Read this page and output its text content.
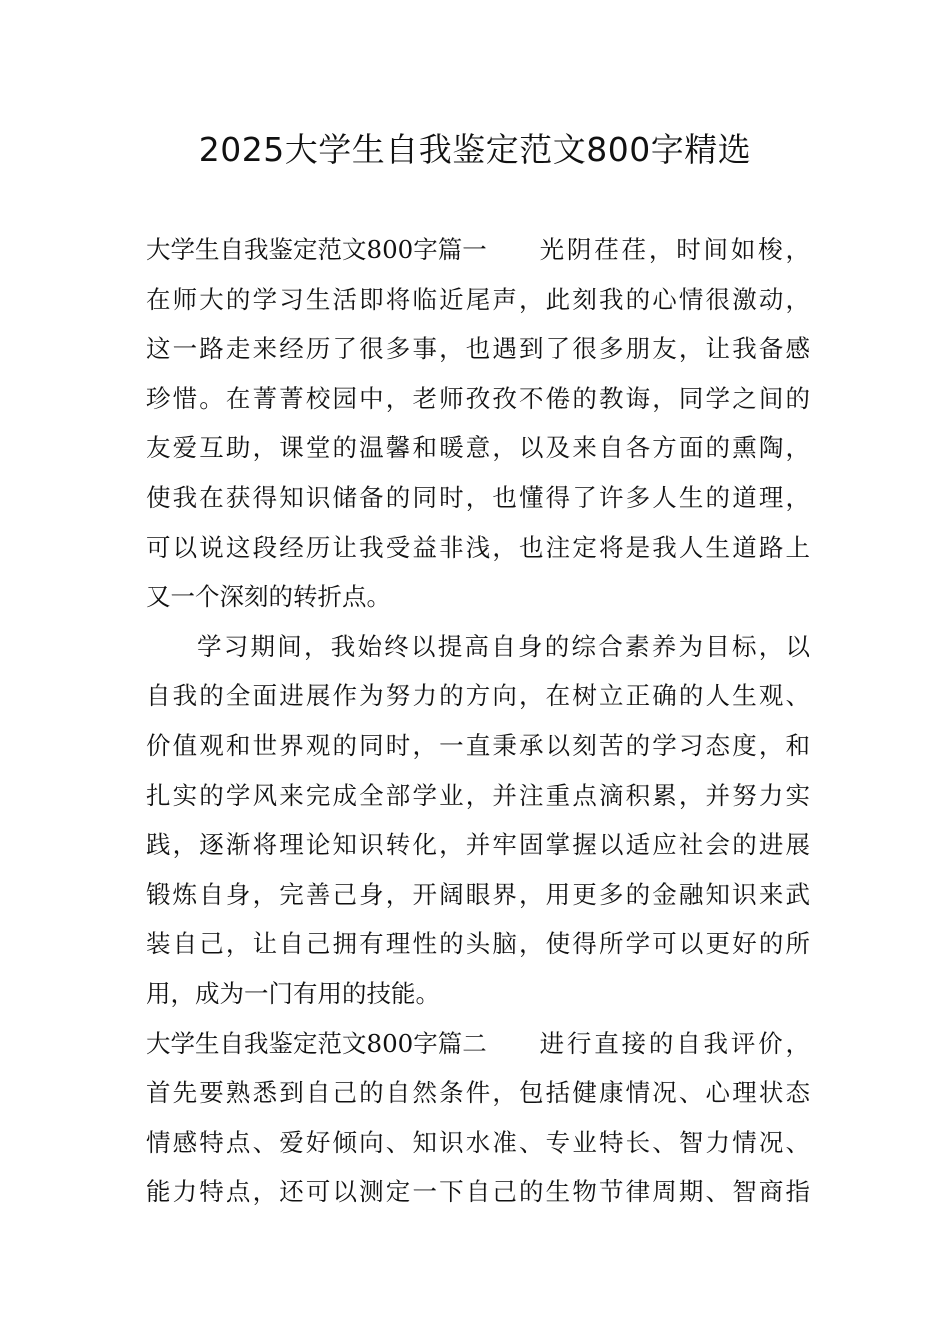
2025大学生自我鉴定范文800字精选
大学生自我鉴定范文800字篇一 光阴荏荏，时间如梭，
在师大的学习生活即将临近尾声，此刻我的心情很激动，
这一路走来经历了很多事，也遇到了很多朋友，让我备感
珍惜。在菁菁校园中，老师孜孜不倦的教诲，同学之间的
友爱互助，课堂的温馨和暖意，以及来自各方面的熏陶，
使我在获得知识储备的同时，也懂得了许多人生的道理，
可以说这段经历让我受益非浅，也注定将是我人生道路上
又一个深刻的转折点。
学习期间，我始终以提高自身的综合素养为目标，以
自我的全面进展作为努力的方向，在树立正确的人生观、
价值观和世界观的同时，一直秉承以刻苦的学习态度，和
扎实的学风来完成全部学业，并注重点滴积累，并努力实
践，逐渐将理论知识转化，并牢固掌握以适应社会的进展
锻炼自身，完善己身，开阔眼界，用更多的金融知识来武
装自己，让自己拥有理性的头脑，使得所学可以更好的所
用，成为一门有用的技能。
大学生自我鉴定范文800字篇二 进行直接的自我评价，
首先要熟悉到自己的自然条件，包括健康情况、心理状态
情感特点、爱好倾向、知识水准、专业特长、智力情况、
能力特点，还可以测定一下自己的生物节律周期、智商指
